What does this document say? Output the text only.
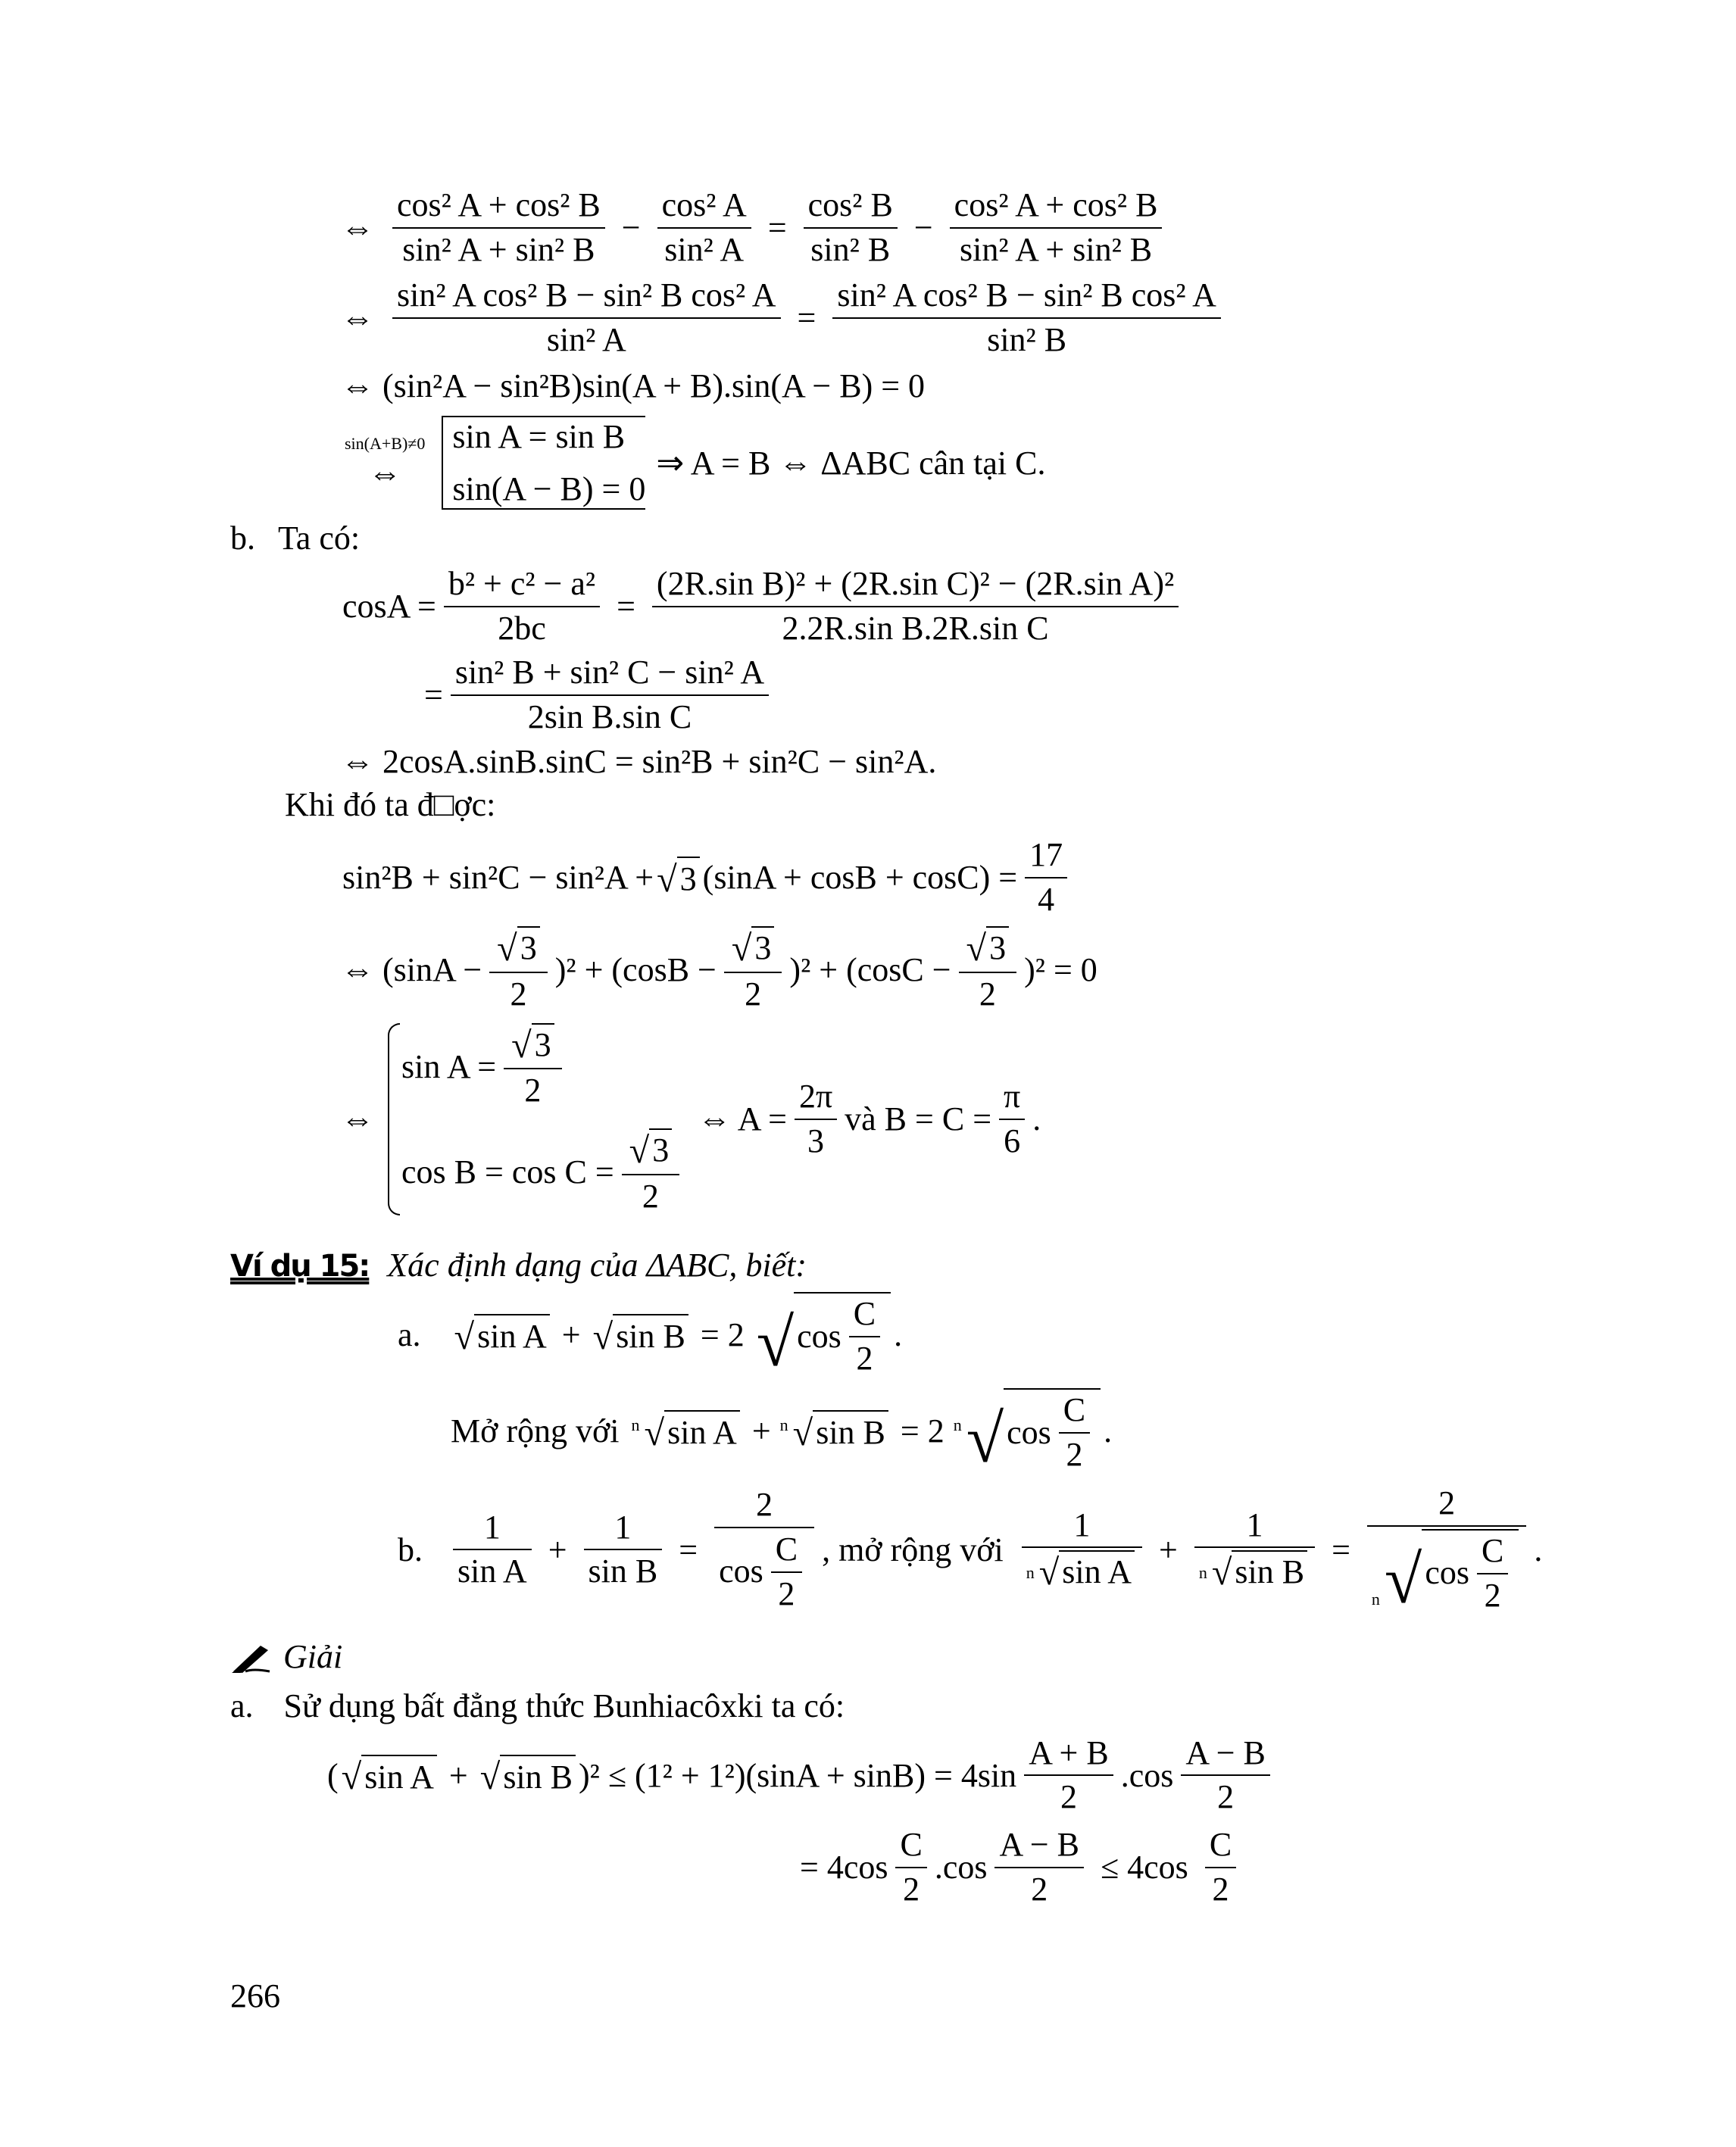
⇔ $\frac{\text{cos² A + cos² B}}{\text{sin² A + sin² B}} - \frac{\text{cos² A}}{\text{sin² A}} = \frac{\text{cos² B}}{\text{sin² B}} - \frac{\text{cos² A + cos² B}}{\text{sin² A + sin² B}}$
⇔ $\frac{\text{sin² A cos² B − sin² B cos² A}}{\text{sin² A}} = \frac{\text{sin² A cos² B − sin² B cos² A}}{\text{sin² B}}$
⇔ (sin²A − sin²B)sin(A + B).sin(A − B) = 0
sin(A+B)≠0
⇔
sin A = sin B
sin(A − B) = 0
⇒ A = B ⇔ ΔABC cân tại C.
b. Ta có:
$\cos A = \frac{\text{b² + c² − a²}}{2bc} = \frac{\text{(2R.sin B)² + (2R.sin C)² − (2R.sin A)²}}{\text{2.2R.sin B.2R.sin C}}$
= $\frac{\text{sin² B + sin² C − sin² A}}{\text{2sin B.sin C}}$
⇔ 2cosA.sinB.sinC = sin²B + sin²C − sin²A.
Khi đó ta đ□ợc:
sin²B + sin²C − sin²A + √ 3 $(\sin A + \cos B + \cos C) = \frac{17}{4}$
⇔ $(\sin A - \frac{√ 3}{2} )^2 + (\cos B - \frac{√ 3}{2} )^2 + (\cos C - \frac{√ 3}{2} )^2 = 0$
⇔
$\sin A = \frac{√ 3}{2}$
$\cos B = \cos C = \frac{√ 3}{2}$
⇔ $A = \frac{2\pi}{3}$ và $B = C = \frac{\pi}{6}$ .
Ví dụ 15: Xác định dạng của ΔABC, biết:
a. √ sin A + √ sin B = 2 √ $\cos \frac{C}{2}$ .
Mở rộng với n √ sin A + n √ sin B = 2 n √ $\cos \frac{C}{2}$ .
b. $\frac{1}{\text{sin A}} + \frac{1}{\text{sin B}} = \frac{2}{\cos \frac{C}{2}}$ , mở rộng với $\frac{1}{\text{n √ sin A}} + \frac{1}{\text{n √ sin B}} = \frac{2}{n √ \cos \frac{C}{2}}$ .
Giải
a. Sử dụng bất đẳng thức Bunhiacôxki ta có:
( √ sin A + √ sin B )$^2 \le (1^2 + 1^2)(\sin A + \sin B) = 4\sin \frac{A + B}{2} .\cos \frac{A - B}{2}$
= $4\cos \frac{C}{2} .\cos \frac{A - B}{2} \le 4\cos \frac{C}{2}$
266
